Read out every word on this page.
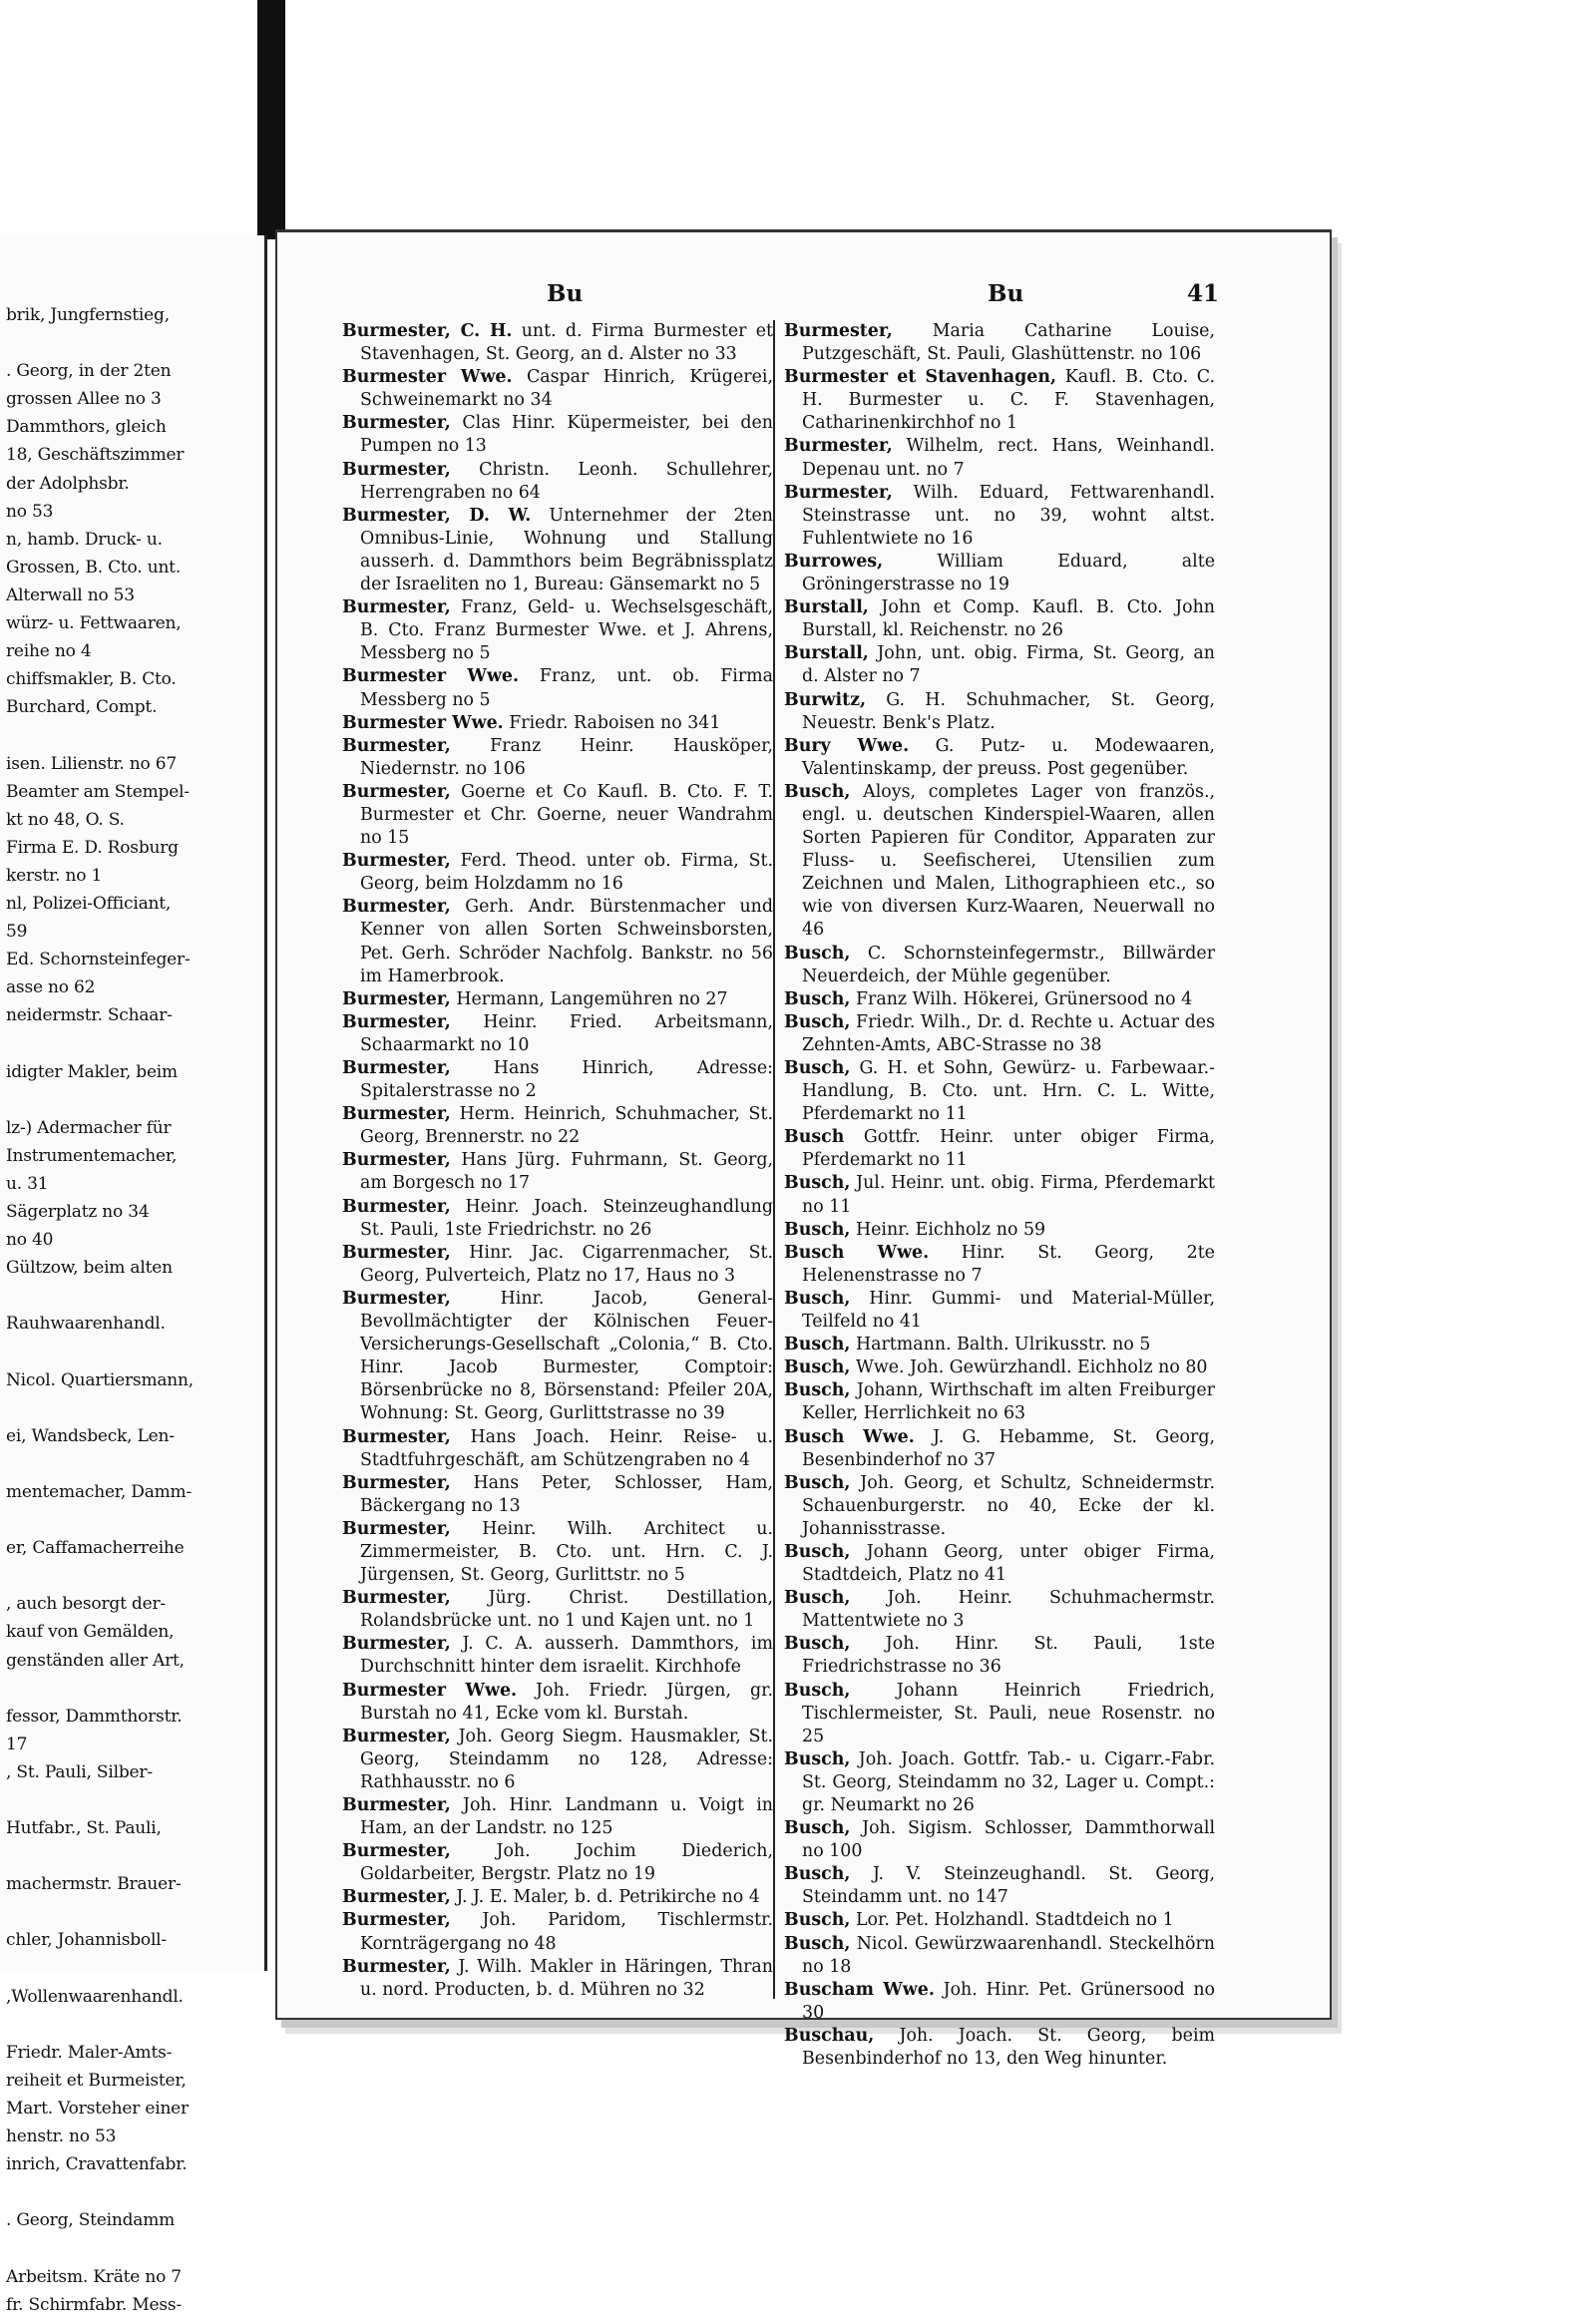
brik, Jungfernstieg,
. Georg, in der 2ten
grossen Allee no 3
Dammthors, gleich
18, Geschäftszimmer
der Adolphsbr.
no 53
n, hamb. Druck- u.
Grossen, B. Cto. unt.
Alterwall no 53
würz- u. Fettwaaren,
reihe no 4
chiffsmakler, B. Cto.
Burchard, Compt.
isen. Lilienstr. no 67
Beamter am Stempel-
kt no 48, O. S.
Firma E. D. Rosburg
kerstr. no 1
nl, Polizei-Officiant,
59
Ed. Schornsteinfeger-
asse no 62
neidermstr. Schaar-
idigter Makler, beim
lz-) Adermacher für
Instrumentemacher,
u. 31
Sägerplatz no 34
no 40
Gültzow, beim alten
Rauhwaarenhandl.
Nicol. Quartiersmann,
ei, Wandsbeck, Len-
mentemacher, Damm-
er, Caffamacherreihe
, auch besorgt der-
kauf von Gemälden,
genständen aller Art,
fessor, Dammthorstr.
17
, St. Pauli, Silber-
Hutfabr., St. Pauli,
machermstr. Brauer-
chler, Johannisboll-
,Wollenwaarenhandl.
Friedr. Maler-Amts-
reiheit et Burmeister,
Mart. Vorsteher einer
henstr. no 53
inrich, Cravattenfabr.
. Georg, Steindamm
Arbeitsm. Kräte no 7
fr. Schirmfabr. Mess-
Bu	Bu	41
Burmester, C. H. unt. d. Firma Burmester et Stavenhagen, St. Georg, an d. Alster no 33
Burmester Wwe. Caspar Hinrich, Krügerei, Schweinemarkt no 34
Burmester, Clas Hinr. Küpermeister, bei den Pumpen no 13
Burmester, Christn. Leonh. Schullehrer, Herrengraben no 64
Burmester, D. W. Unternehmer der 2ten Omnibus-Linie, Wohnung und Stallung ausserh. d. Dammthors beim Begräbnissplatz der Israeliten no 1, Bureau: Gänsemarkt no 5
Burmester, Franz, Geld- u. Wechselsgeschäft, B. Cto. Franz Burmester Wwe. et J. Ahrens, Messberg no 5
Burmester Wwe. Franz, unt. ob. Firma Messberg no 5
Burmester Wwe. Friedr. Raboisen no 341
Burmester, Franz Heinr. Hausköper, Niedernstr. no 106
Burmester, Goerne et Co Kaufl. B. Cto. F. T. Burmester et Chr. Goerne, neuer Wandrahm no 15
Burmester, Ferd. Theod. unter ob. Firma, St. Georg, beim Holzdamm no 16
Burmester, Gerh. Andr. Bürstenmacher und Kenner von allen Sorten Schweinsborsten, Pet. Gerh. Schröder Nachfolg. Bankstr. no 56 im Hamerbrook.
Burmester, Hermann, Langemühren no 27
Burmester, Heinr. Fried. Arbeitsmann, Schaarmarkt no 10
Burmester, Hans Hinrich, Adresse: Spitalerstrasse no 2
Burmester, Herm. Heinrich, Schuhmacher, St. Georg, Brennerstr. no 22
Burmester, Hans Jürg. Fuhrmann, St. Georg, am Borgesch no 17
Burmester, Heinr. Joach. Steinzeughandlung St. Pauli, 1ste Friedrichstr. no 26
Burmester, Hinr. Jac. Cigarrenmacher, St. Georg, Pulverteich, Platz no 17, Haus no 3
Burmester,	Hinr. Jacob, General-Bevollmächtigter der Kölnischen Feuer-Versicherungs-Gesellschaft „Colonia,“ B. Cto. Hinr. Jacob Burmester, Comptoir: Börsenbrücke no 8, Börsenstand: Pfeiler 20A, Wohnung: St. Georg, Gurlittstrasse no 39
Burmester, Hans Joach. Heinr. Reise- u. Stadtfuhrgeschäft, am Schützengraben no 4
Burmester, Hans Peter, Schlosser, Ham, Bäckergang no 13
Burmester, Heinr. Wilh. Architect u. Zimmermeister, B. Cto. unt. Hrn. C. J. Jürgensen, St. Georg, Gurlittstr. no 5
Burmester, Jürg. Christ. Destillation, Rolandsbrücke unt. no 1 und Kajen unt. no 1
Burmester, J. C. A. ausserh. Dammthors, im Durchschnitt hinter dem israelit. Kirchhofe
Burmester Wwe. Joh. Friedr. Jürgen, gr. Burstah no 41, Ecke vom kl. Burstah.
Burmester, Joh. Georg Siegm. Hausmakler, St. Georg, Steindamm no 128, Adresse: Rathhausstr. no 6
Burmester, Joh. Hinr. Landmann u. Voigt in Ham, an der Landstr. no 125
Burmester,	Joh. Jochim Diederich, Goldarbeiter, Bergstr. Platz no 19
Burmester, J. J. E. Maler, b. d. Petrikirche no 4
Burmester, Joh. Paridom, Tischlermstr. Kornträgergang no 48
Burmester, J. Wilh. Makler in Häringen, Thran u. nord. Producten, b. d. Mühren no 32
Burmester, Maria Catharine Louise, Putzgeschäft, St. Pauli, Glashüttenstr. no 106
Burmester et Stavenhagen, Kaufl. B. Cto. C. H. Burmester u. C. F. Stavenhagen, Catharinenkirchhof no 1
Burmester, Wilhelm, rect. Hans, Weinhandl. Depenau unt. no 7
Burmester, Wilh. Eduard, Fettwarenhandl. Steinstrasse unt. no 39, wohnt altst. Fuhlentwiete no 16
Burrowes,	William Eduard, alte Gröningerstrasse no 19
Burstall, John et Comp. Kaufl. B. Cto. John Burstall, kl. Reichenstr. no 26
Burstall, John, unt. obig. Firma, St. Georg, an d. Alster no 7
Burwitz, G. H. Schuhmacher, St. Georg, Neuestr. Benk's Platz.
Bury Wwe. G. Putz- u. Modewaaren, Valentinskamp, der preuss. Post gegenüber.
Busch, Aloys, completes Lager von französ., engl. u. deutschen Kinderspiel-Waaren, allen Sorten Papieren für Conditor, Apparaten zur Fluss- u. Seefischerei, Utensilien zum Zeichnen und Malen, Lithographieen etc., so wie von diversen Kurz-Waaren, Neuerwall no 46
Busch, C. Schornsteinfegermstr., Billwärder Neuerdeich, der Mühle gegenüber.
Busch, Franz Wilh. Hökerei, Grünersood no 4
Busch, Friedr. Wilh., Dr. d. Rechte u. Actuar des Zehnten-Amts, ABC-Strasse no 38
Busch, G. H. et Sohn, Gewürz- u. Farbewaar.-Handlung, B. Cto. unt. Hrn. C. L. Witte, Pferdemarkt no 11
Busch Gottfr. Heinr. unter obiger Firma, Pferdemarkt no 11
Busch, Jul. Heinr. unt. obig. Firma, Pferdemarkt no 11
Busch, Heinr. Eichholz no 59
Busch Wwe. Hinr. St. Georg, 2te Helenenstrasse no 7
Busch, Hinr. Gummi- und Material-Müller, Teilfeld no 41
Busch, Hartmann. Balth. Ulrikusstr. no 5
Busch, Wwe. Joh. Gewürzhandl. Eichholz no 80
Busch, Johann, Wirthschaft im alten Freiburger Keller, Herrlichkeit no 63
Busch Wwe. J. G. Hebamme, St. Georg, Besenbinderhof no 37
Busch, Joh. Georg, et Schultz, Schneidermstr. Schauenburgerstr. no 40, Ecke der kl. Johannisstrasse.
Busch, Johann Georg, unter obiger Firma, Stadtdeich, Platz no 41
Busch, Joh. Heinr. Schuhmachermstr. Mattentwiete no 3
Busch, Joh. Hinr. St. Pauli, 1ste Friedrichstrasse no 36
Busch,	Johann Heinrich Friedrich, Tischlermeister, St. Pauli, neue Rosenstr. no 25
Busch, Joh. Joach. Gottfr. Tab.- u. Cigarr.-Fabr. St. Georg, Steindamm no 32, Lager u. Compt.: gr. Neumarkt no 26
Busch, Joh. Sigism. Schlosser, Dammthorwall no 100
Busch, J. V. Steinzeughandl. St. Georg, Steindamm unt. no 147
Busch, Lor. Pet. Holzhandl. Stadtdeich no 1
Busch, Nicol. Gewürzwaarenhandl. Steckelhörn no 18
Buscham Wwe. Joh. Hinr. Pet. Grünersood no 30
Buschau, Joh. Joach. St. Georg, beim Besenbinderhof no 13, den Weg hinunter.
